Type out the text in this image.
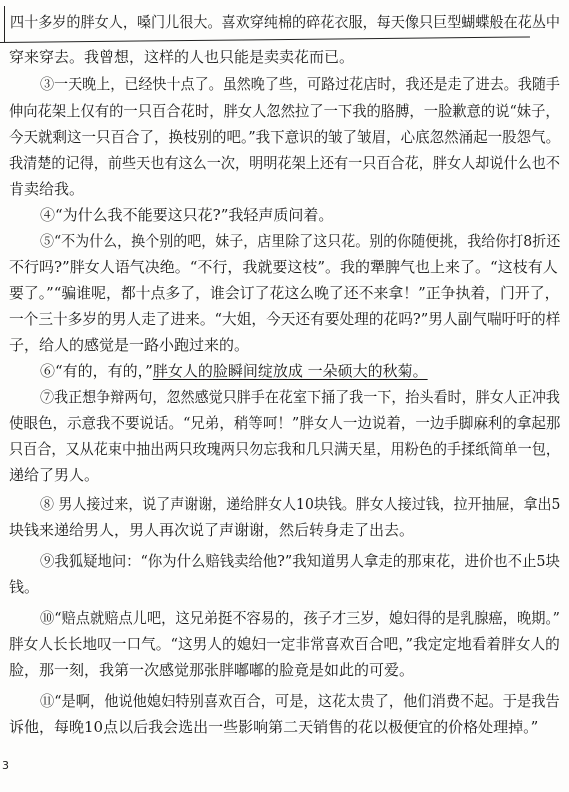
四十多岁的胖女人，嗓门儿很大。喜欢穿纯棉的碎花衣服，每天像只巨型蝴蝶般在花丛中
穿来穿去。我曾想，这样的人也只能是卖卖花而已。
③一天晚上，已经快十点了。虽然晚了些，可路过花店时，我还是走了进去。我随手
伸向花架上仅有的一只百合花时，胖女人忽然拉了一下我的胳膊，一脸歉意的说“妹子，
今天就剩这一只百合了，换枝别的吧。”我下意识的皱了皱眉，心底忽然涌起一股怨气。
我清楚的记得，前些天也有这么一次，明明花架上还有一只百合花，胖女人却说什么也不
肯卖给我。
④“为什么我不能要这只花?”我轻声质问着。
⑤“不为什么，换个别的吧，妹子，店里除了这只花。别的你随便挑，我给你打8折还
不行吗?”胖女人语气决绝。“不行，我就要这枝”。我的犟脾气也上来了。“这枝有人
要了。”“骗谁呢，都十点多了，谁会订了花这么晚了还不来拿！”正争执着，门开了，
一个三十多岁的男人走了进来。“大姐，今天还有要处理的花吗?”男人副气喘吁吁的样
子，给人的感觉是一路小跑过来的。
⑥“有的，有的，”胖女人的脸瞬间绽放成 一朵硕大的秋菊。
⑦我正想争辩两句，忽然感觉只胖手在花室下捅了我一下，抬头看时，胖女人正冲我
使眼色，示意我不要说话。“兄弟，稍等呵！”胖女人一边说着，一边手脚麻利的拿起那
只百合，又从花束中抽出两只玫瑰两只勿忘我和几只满天星，用粉色的手揉纸简单一包，
递给了男人。
⑧ 男人接过来，说了声谢谢，递给胖女人10块钱。胖女人接过钱，拉开抽屉，拿出5
块钱来递给男人，男人再次说了声谢谢，然后转身走了出去。
⑨我狐疑地问：“你为什么赔钱卖给他?”我知道男人拿走的那束花，进价也不止5块
钱。
⑩“赔点就赔点儿吧，这兄弟挺不容易的，孩子才三岁，媳妇得的是乳腺癌，晚期。”
胖女人长长地叹一口气。“这男人的媳妇一定非常喜欢百合吧，”我定定地看着胖女人的
脸，那一刻，我第一次感觉那张胖嘟嘟的脸竟是如此的可爱。
⑪“是啊，他说他媳妇特别喜欢百合，可是，这花太贵了，他们消费不起。于是我告
诉他，每晚10点以后我会选出一些影响第二天销售的花以极便宜的价格处理掉。”
3
